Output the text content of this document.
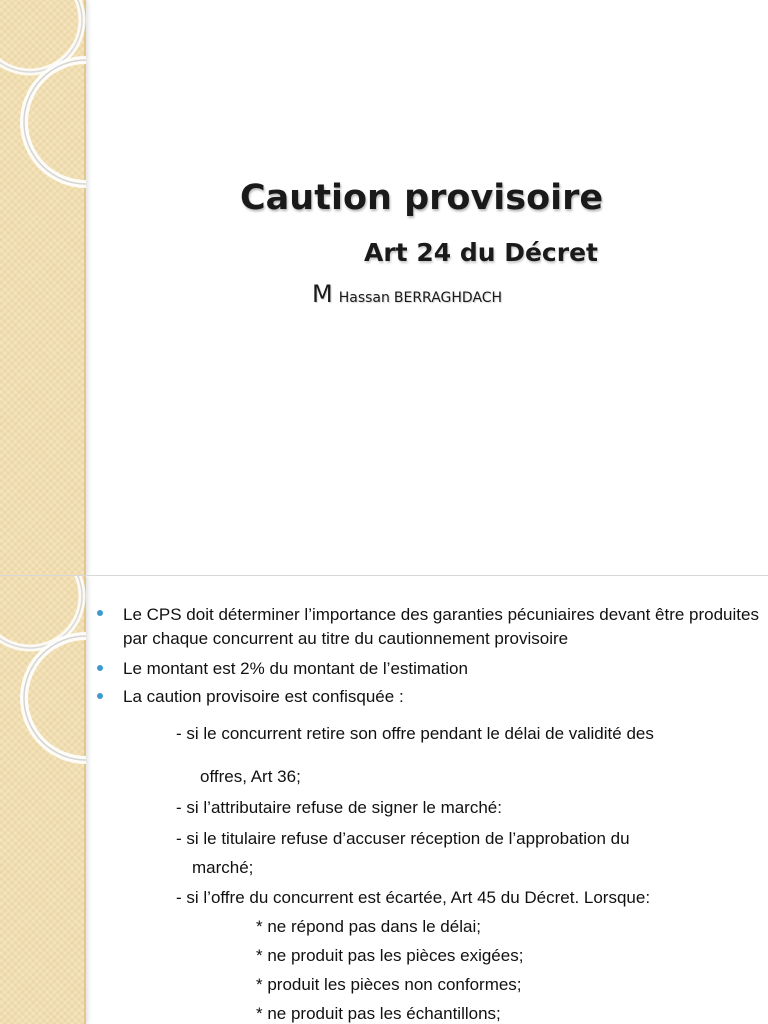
Caution provisoire
Art 24 du Décret
M Hassan BERRAGHDACH
Le CPS doit déterminer l’importance des garanties pécuniaires devant être produites par chaque concurrent au titre du cautionnement provisoire
Le montant est 2% du montant de l’estimation
La caution provisoire est confisquée :
- si le concurrent retire son offre pendant le délai de validité des
offres, Art 36;
- si l’attributaire refuse de signer le marché:
- si le titulaire refuse d’accuser réception de l’approbation du
marché;
- si l’offre du concurrent est écartée, Art 45 du Décret. Lorsque:
* ne répond pas dans le délai;
* ne produit pas les pièces exigées;
* produit les pièces non conformes;
* ne produit pas les échantillons;
